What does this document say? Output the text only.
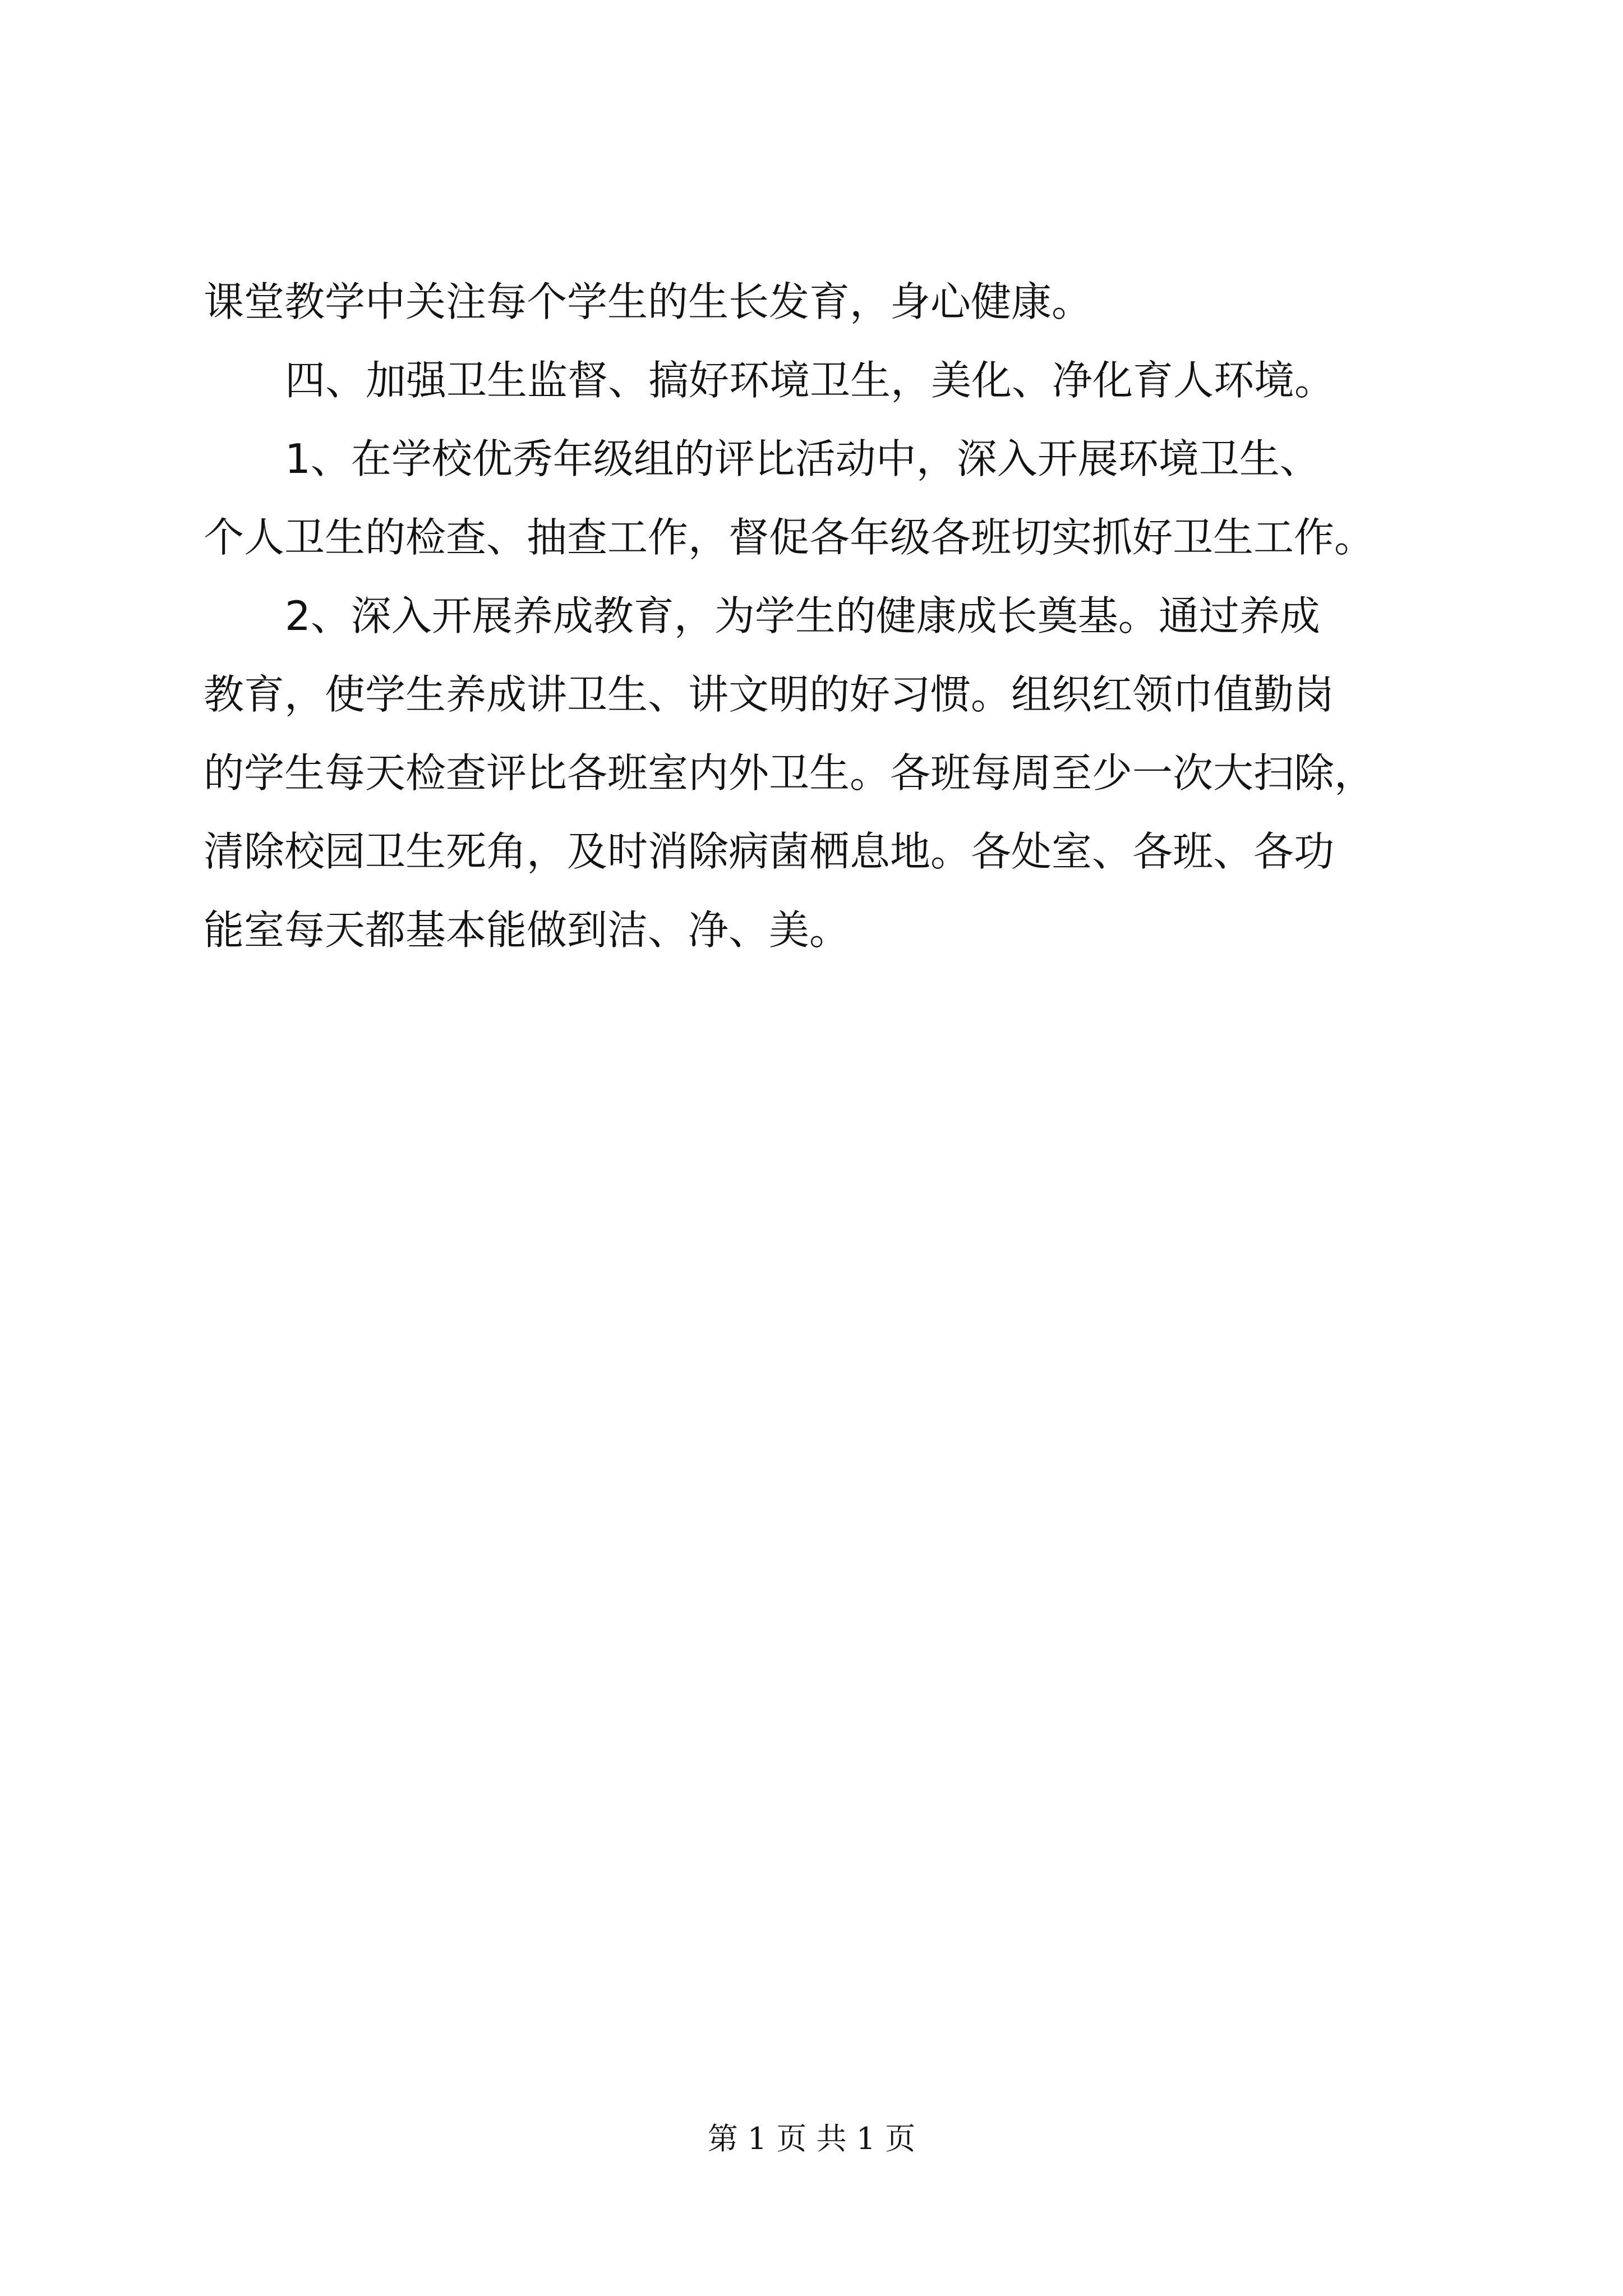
课堂教学中关注每个学生的生长发育，身心健康。

四、加强卫生监督、搞好环境卫生，美化、净化育人环境。

1、在学校优秀年级组的评比活动中，深入开展环境卫生、

个人卫生的检查、抽查工作，督促各年级各班切实抓好卫生工作。

2、深入开展养成教育，为学生的健康成长奠基。通过养成

教育，使学生养成讲卫生、讲文明的好习惯。组织红领巾值勤岗

的学生每天检查评比各班室内外卫生。各班每周至少一次大扫除，

清除校园卫生死角，及时消除病菌栖息地。各处室、各班、各功

能室每天都基本能做到洁、净、美。

第 1 页 共 1 页
